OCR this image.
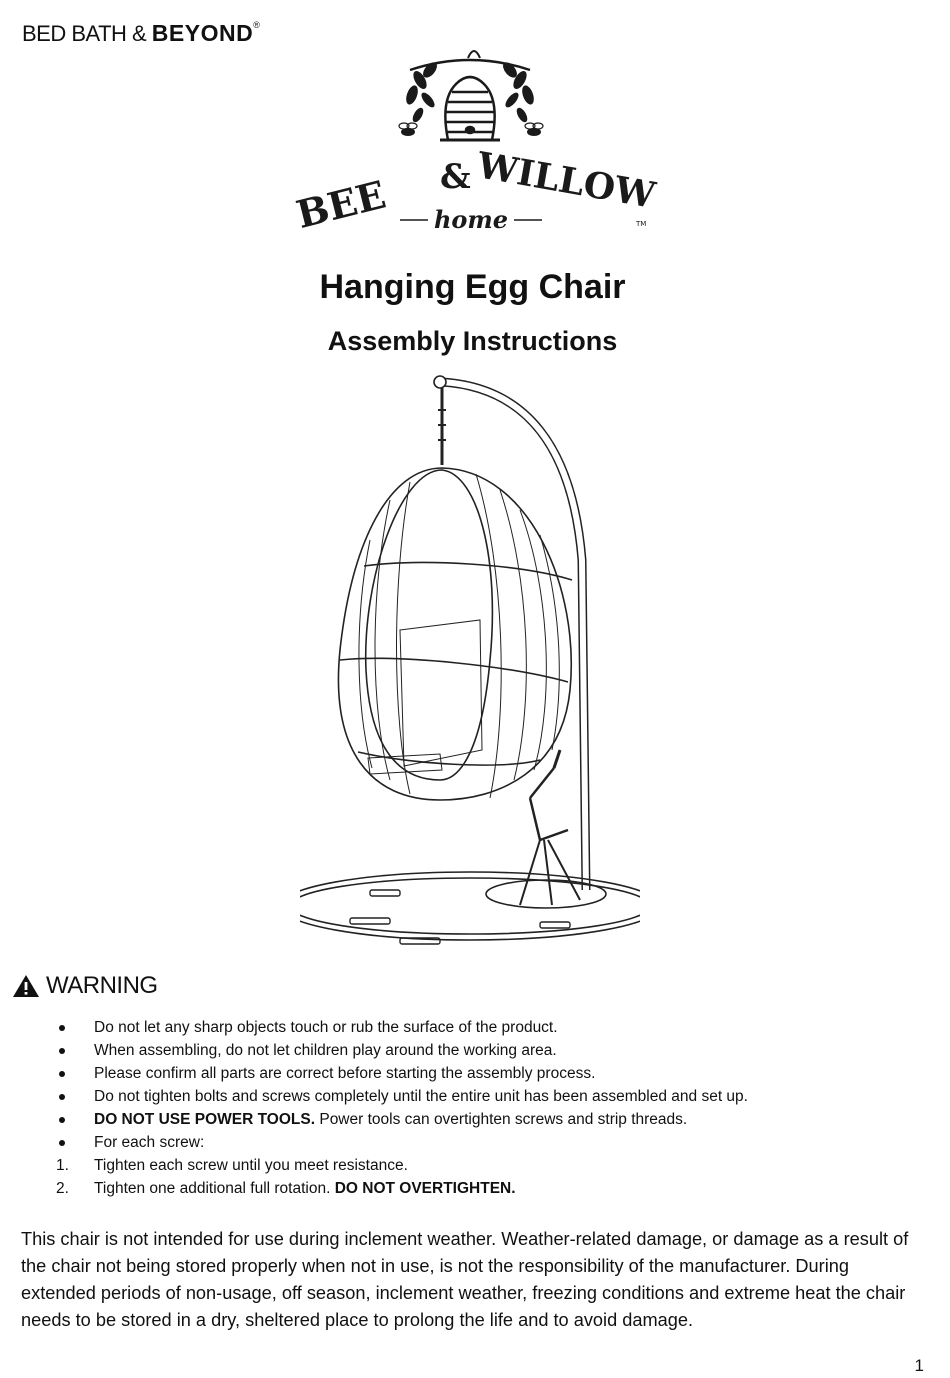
BED BATH & BEYOND®
BEE & WILLOW
home	TM
Hanging Egg Chair
Assembly Instructions
WARNING
Do not let any sharp objects touch or rub the surface of the product.
When assembling, do not let children play around the working area.
Please confirm all parts are correct before starting the assembly process.
Do not tighten bolts and screws completely until the entire unit has been assembled and set up.
DO NOT USE POWER TOOLS. Power tools can overtighten screws and strip threads.
For each screw:
1.	Tighten each screw until you meet resistance.
2.	Tighten one additional full rotation. DO NOT OVERTIGHTEN.

This chair is not intended for use during inclement weather. Weather-related damage, or damage as a result of the chair not being stored properly when not in use, is not the responsibility of the manufacturer. During extended periods of non-usage, off season, inclement weather, freezing conditions and extreme heat the chair needs to be stored in a dry, sheltered place to prolong the life and to avoid damage.

1
